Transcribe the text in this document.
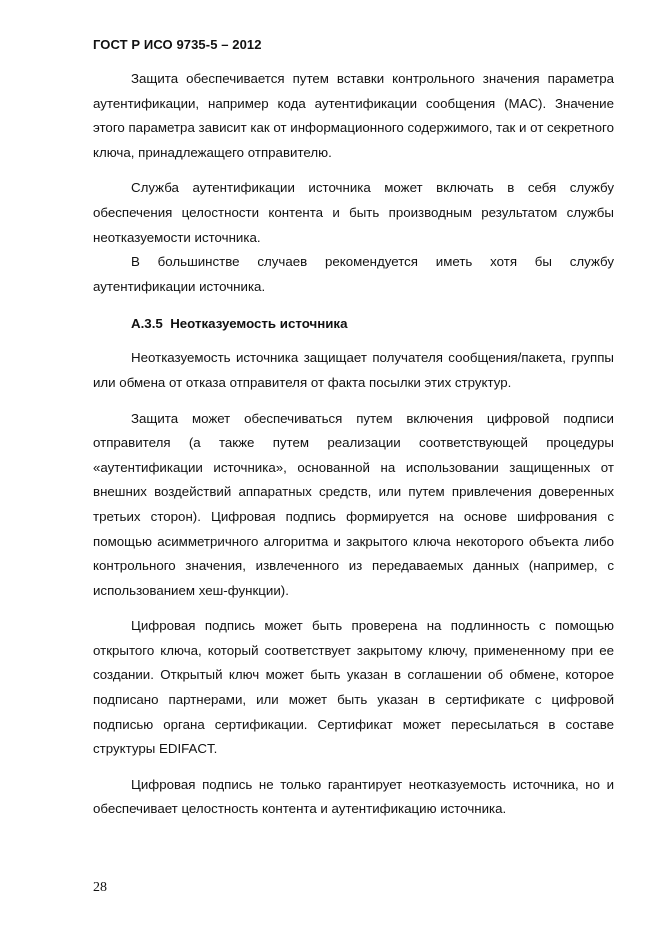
ГОСТ Р ИСО 9735-5 – 2012

Защита обеспечивается путем вставки контрольного значения параметра аутентификации, например кода аутентификации сообщения (MAC). Значение этого параметра зависит как от информационного содержимого, так и от секретного ключа, принадлежащего отправителю.

Служба аутентификации источника может включать в себя службу обеспечения целостности контента и быть производным результатом службы неотказуемости источника.

В большинстве случаев рекомендуется иметь хотя бы службу аутентификации источника.

А.3.5 Неотказуемость источника

Неотказуемость источника защищает получателя сообщения/пакета, группы или обмена от отказа отправителя от факта посылки этих структур.

Защита может обеспечиваться путем включения цифровой подписи отправителя (а также путем реализации соответствующей процедуры «аутентификации источника», основанной на использовании защищенных от внешних воздействий аппаратных средств, или путем привлечения доверенных третьих сторон). Цифровая подпись формируется на основе шифрования с помощью асимметричного алгоритма и закрытого ключа некоторого объекта либо контрольного значения, извлеченного из передаваемых данных (например, с использованием хеш-функции).

Цифровая подпись может быть проверена на подлинность с помощью открытого ключа, который соответствует закрытому ключу, примененному при ее создании. Открытый ключ может быть указан в соглашении об обмене, которое подписано партнерами, или может быть указан в сертификате с цифровой подписью органа сертификации. Сертификат может пересылаться в составе структуры EDIFACT.

Цифровая подпись не только гарантирует неотказуемость источника, но и обеспечивает целостность контента и аутентификацию источника.

28
